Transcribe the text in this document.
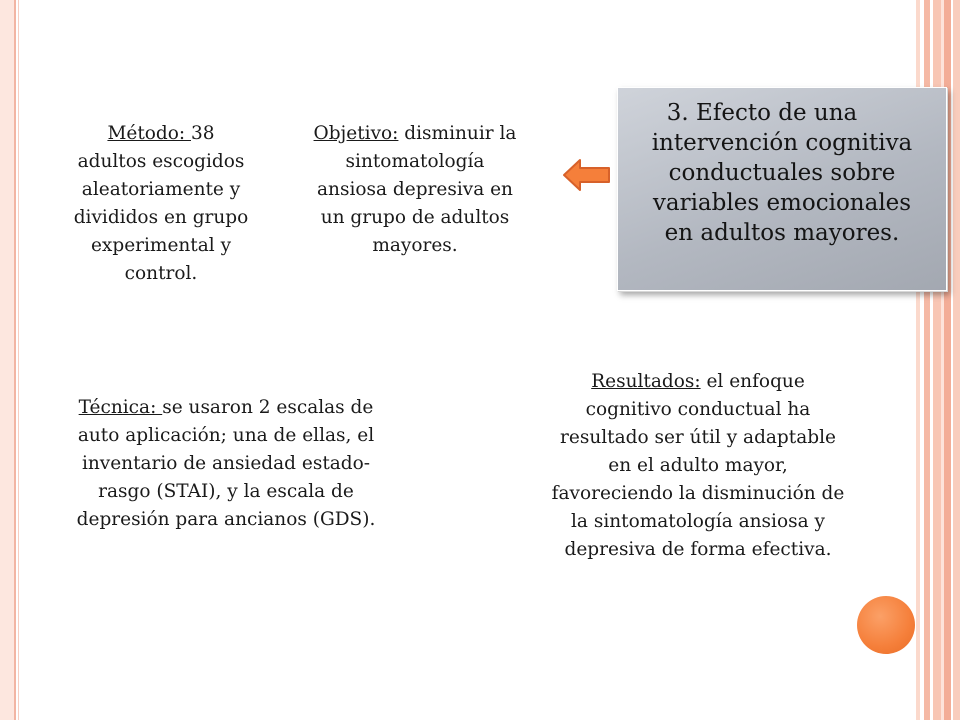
Método: 38
adultos escogidos
aleatoriamente y
divididos en grupo
experimental y
control.
Objetivo: disminuir la
sintomatología
ansiosa depresiva en
un grupo de adultos
mayores.
3. Efecto de una
intervención cognitiva
conductuales sobre
variables emocionales
en adultos mayores.
Técnica: se usaron 2 escalas de
auto aplicación; una de ellas, el
inventario de ansiedad estado-
rasgo (STAI), y la escala de
depresión para ancianos (GDS).
Resultados: el enfoque
cognitivo conductual ha
resultado ser útil y adaptable
en el adulto mayor,
favoreciendo la disminución de
la sintomatología ansiosa y
depresiva de forma efectiva.
